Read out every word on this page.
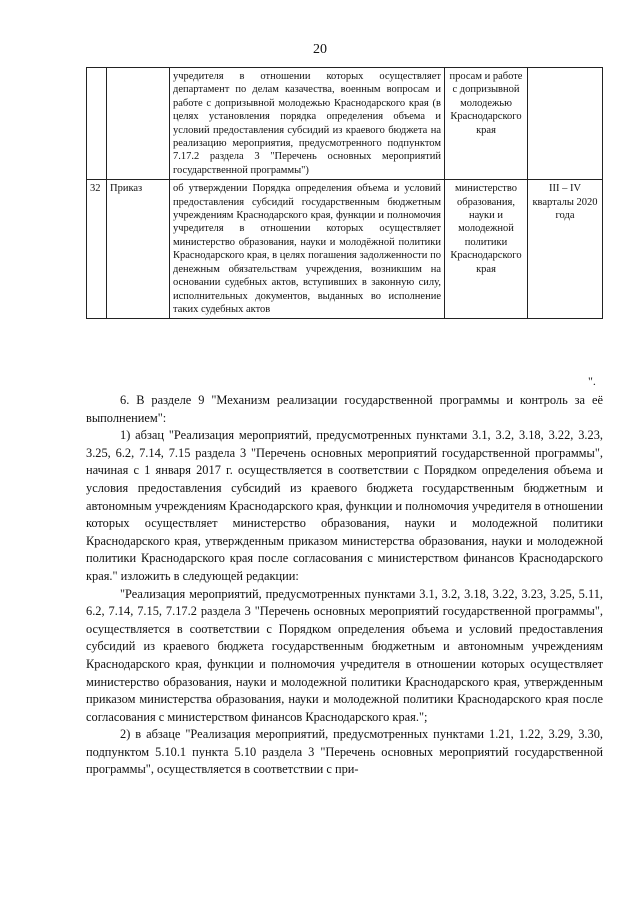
20
		учредителя в отношении которых осуществляет департамент по делам казачества, военным вопросам и работе с допризывной молодежью Краснодарского края (в целях установления порядка определения объема и условий предоставления субсидий из краевого бюджета на реализацию мероприятия, предусмотренного подпунктом 7.17.2 раздела 3 "Перечень основных мероприятий государственной программы")	просам и работе с допризывной молодежью Краснодарского края	
32	Приказ	об утверждении Порядка определения объема и условий предоставления субсидий государственным бюджетным учреждениям Краснодарского края, функции и полномочия учредителя в отношении которых осуществляет министерство образования, науки и молодёжной политики Краснодарского края, в целях погашения задолженности по денежным обязательствам учреждения, возникшим на основании судебных актов, вступивших в законную силу, исполнительных документов, выданных во исполнение таких судебных актов	министерство образования, науки и молодежной политики Краснодарского края	III – IV кварталы 2020 года
".

6. В разделе 9 "Механизм реализации государственной программы и контроль за её выполнением":

1) абзац "Реализация мероприятий, предусмотренных пунктами 3.1, 3.2, 3.18, 3.22, 3.23, 3.25, 6.2, 7.14, 7.15 раздела 3 "Перечень основных мероприятий государственной программы", начиная с 1 января 2017 г. осуществляется в соответствии с Порядком определения объема и условия предоставления субсидий из краевого бюджета государственным бюджетным и автономным учреждениям Краснодарского края, функции и полномочия учредителя в отношении которых осуществляет министерство образования, науки и молодежной политики Краснодарского края, утвержденным приказом министерства образования, науки и молодежной политики Краснодарского края после согласования с министерством финансов Краснодарского края." изложить в следующей редакции:

"Реализация мероприятий, предусмотренных пунктами 3.1, 3.2, 3.18, 3.22, 3.23, 3.25, 5.11, 6.2, 7.14, 7.15, 7.17.2 раздела 3 "Перечень основных мероприятий государственной программы", осуществляется в соответствии с Порядком определения объема и условий предоставления субсидий из краевого бюджета государственным бюджетным и автономным учреждениям Краснодарского края, функции и полномочия учредителя в отношении которых осуществляет министерство образования, науки и молодежной политики Краснодарского края, утвержденным приказом министерства образования, науки и молодежной политики Краснодарского края после согласования с министерством финансов Краснодарского края.";

2) в абзаце "Реализация мероприятий, предусмотренных пунктами 1.21, 1.22, 3.29, 3.30, подпунктом 5.10.1 пункта 5.10 раздела 3 "Перечень основных мероприятий государственной программы", осуществляется в соответствии с при-
